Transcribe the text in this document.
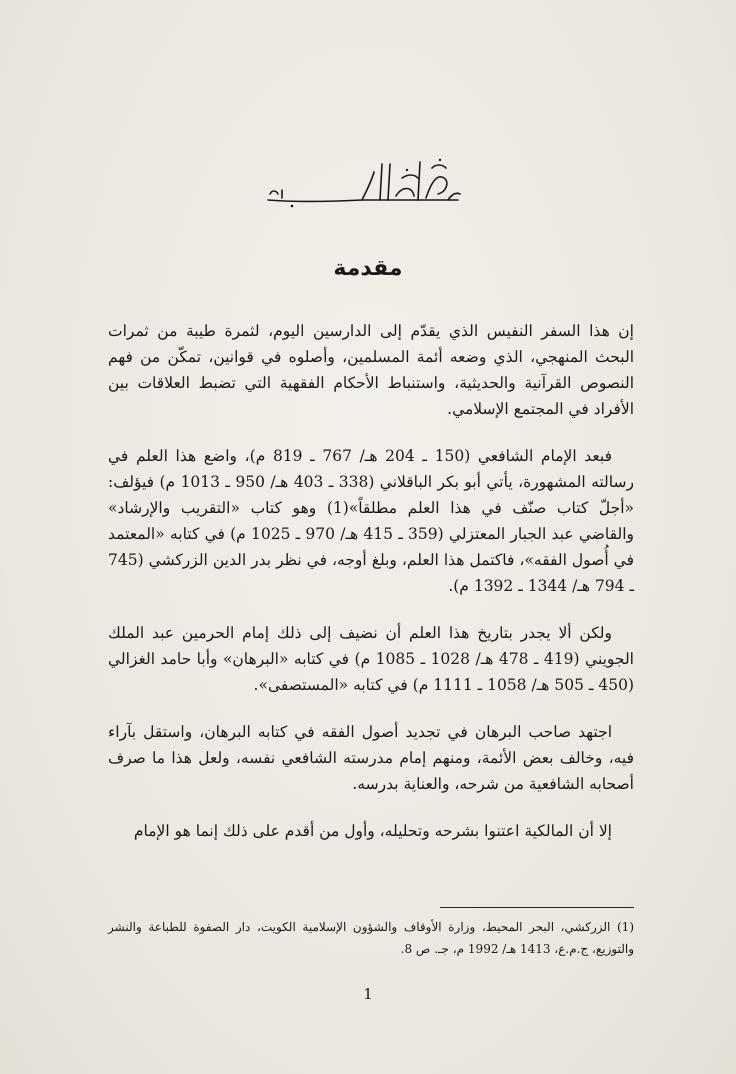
مقدمة

إن هذا السفر النفيس الذي يقدّم إلى الدارسين اليوم، لثمرة طيبة من ثمرات البحث المنهجي، الذي وضعه أئمة المسلمين، وأصلوه في قوانين، تمكّن من فهم النصوص القرآنية والحديثية، واستنباط الأحكام الفقهية التي تضبط العلاقات بين الأفراد في المجتمع الإسلامي.

فبعد الإمام الشافعي (150 ـ 204 هـ/ 767 ـ 819 م)، واضع هذا العلم في رسالته المشهورة، يأتي أبو بكر الباقلاني (338 ـ 403 هـ/ 950 ـ 1013 م) فيؤلف: «أجلّ كتاب صنّف في هذا العلم مطلقاً»(1) وهو كتاب «التقريب والإرشاد» والقاضي عبد الجبار المعتزلي (359 ـ 415 هـ/ 970 ـ 1025 م) في كتابه «المعتمد في أُصول الفقه»، فاكتمل هذا العلم، وبلغ أوجه، في نظر بدر الدين الزركشي (745 ـ 794 هـ/ 1344 ـ 1392 م).

ولكن ألا يجدر بتاريخ هذا العلم أن نضيف إلى ذلك إمام الحرمين عبد الملك الجويني (419 ـ 478 هـ/ 1028 ـ 1085 م) في كتابه «البرهان» وأبا حامد الغزالي (450 ـ 505 هـ/ 1058 ـ 1111 م) في كتابه «المستصفى».

اجتهد صاحب البرهان في تجديد أصول الفقه في كتابه البرهان، واستقل بآراء فيه، وخالف بعض الأئمة، ومنهم إمام مدرسته الشافعي نفسه، ولعل هذا ما صرف أصحابه الشافعية من شرحه، والعناية بدرسه.

إلا أن المالكية اعتنوا بشرحه وتحليله، وأول من أقدم على ذلك إنما هو الإمام

(1) الزركشي، البحر المحيط، وزارة الأوقاف والشؤون الإسلامية الكويت، دار الصفوة للطباعة والنشر والتوزيع، ج.م.ع، 1413 هـ/ 1992 م، جـ. ص 8.
1
